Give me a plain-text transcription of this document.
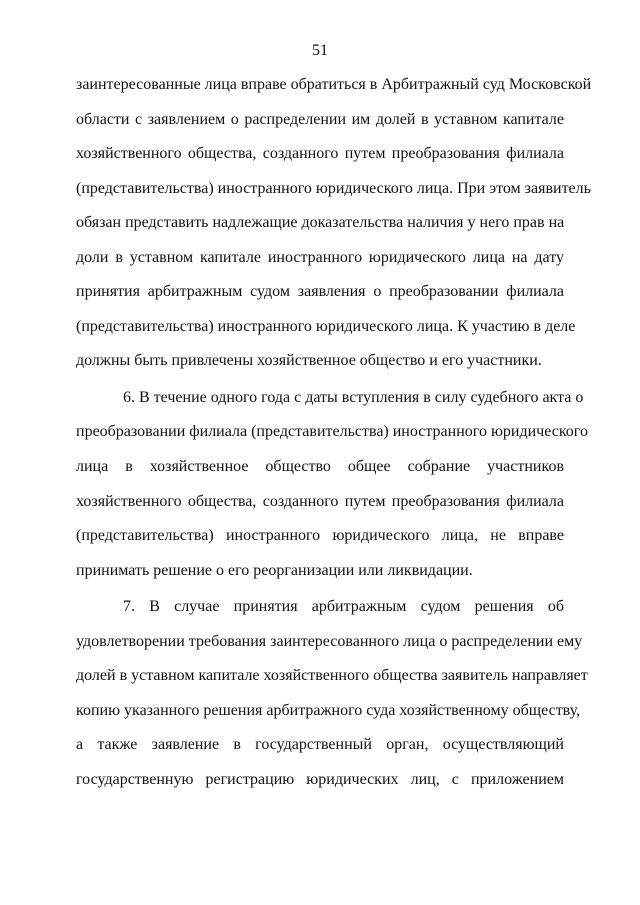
51
заинтересованные лица вправе обратиться в Арбитражный суд Московской
области с заявлением о распределении им долей в уставном капитале
хозяйственного общества, созданного путем преобразования филиала
(представительства) иностранного юридического лица. При этом заявитель
обязан представить надлежащие доказательства наличия у него прав на
доли в уставном капитале иностранного юридического лица на дату
принятия арбитражным судом заявления о преобразовании филиала
(представительства) иностранного юридического лица. К участию в деле
должны быть привлечены хозяйственное общество и его участники.
6. В течение одного года с даты вступления в силу судебного акта о
преобразовании филиала (представительства) иностранного юридического
лица в хозяйственное общество общее собрание участников
хозяйственного общества, созданного путем преобразования филиала
(представительства) иностранного юридического лица, не вправе
принимать решение о его реорганизации или ликвидации.
7. В случае принятия арбитражным судом решения об
удовлетворении требования заинтересованного лица о распределении ему
долей в уставном капитале хозяйственного общества заявитель направляет
копию указанного решения арбитражного суда хозяйственному обществу,
а также заявление в государственный орган, осуществляющий
государственную регистрацию юридических лиц, с приложением
